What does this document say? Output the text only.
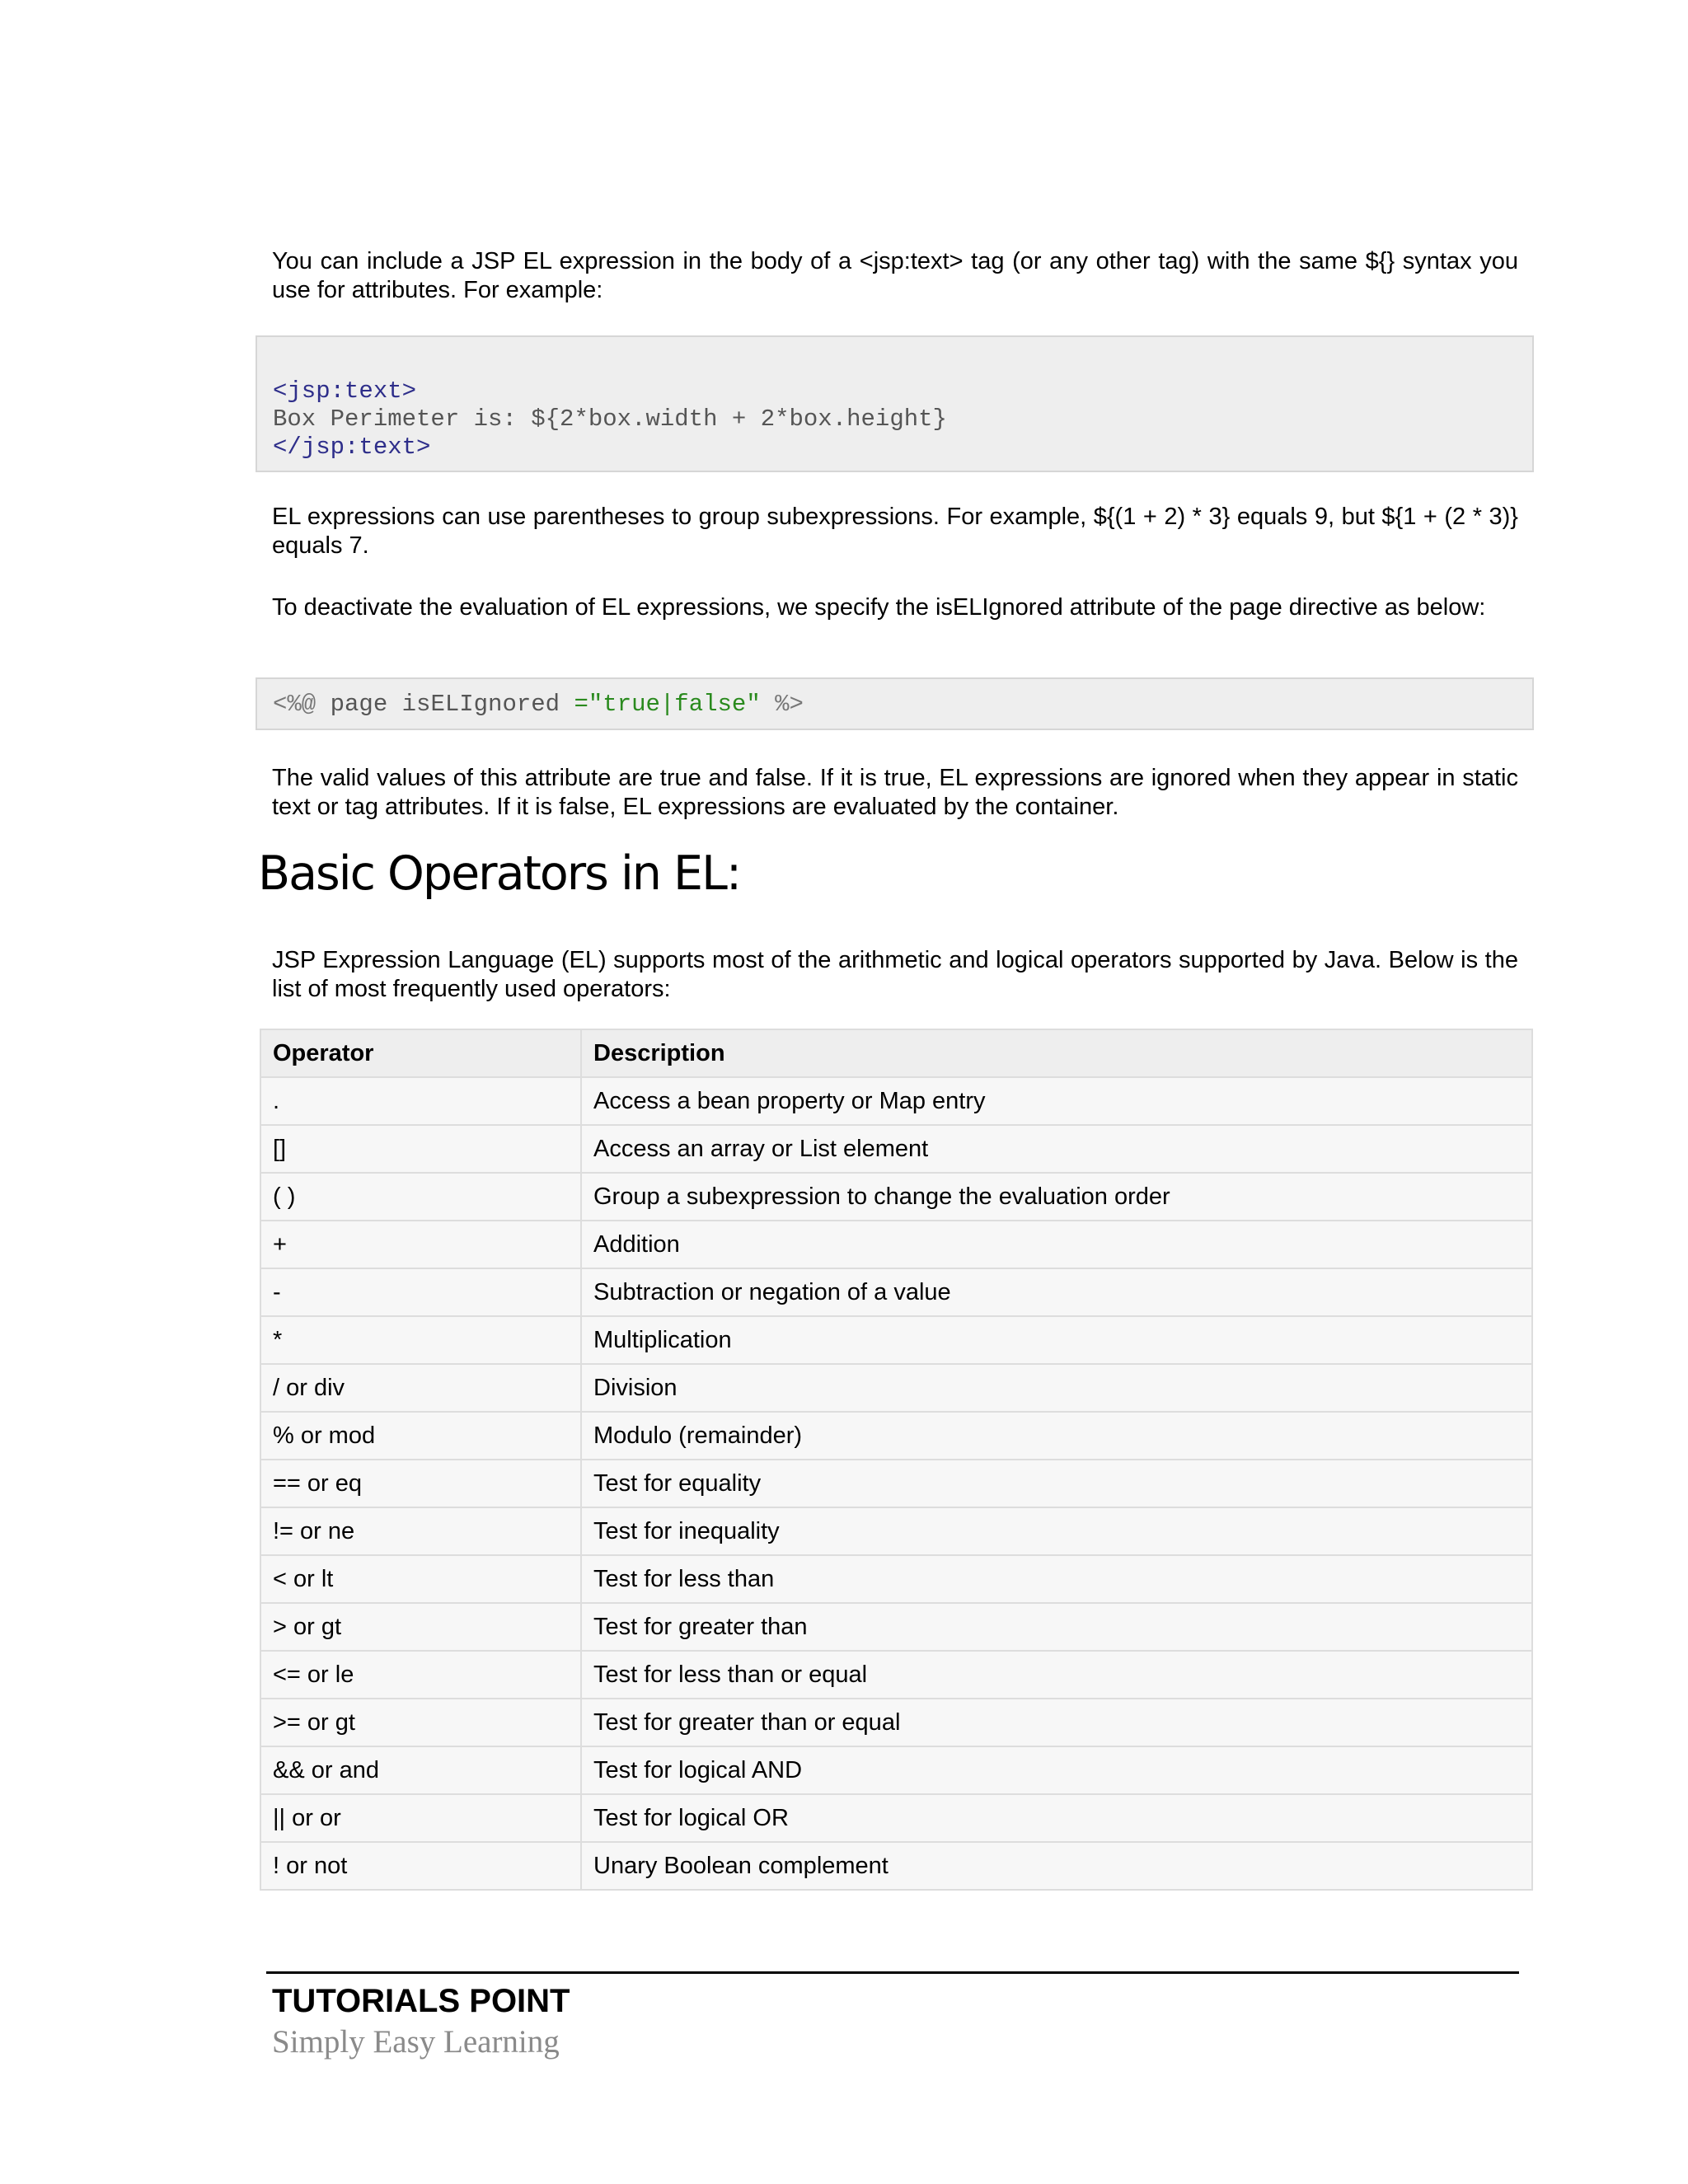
You can include a JSP EL expression in the body of a <jsp:text> tag (or any other tag) with the same ${} syntax you use for attributes. For example:

<jsp:text>
Box Perimeter is: ${2*box.width + 2*box.height}
</jsp:text>

EL expressions can use parentheses to group subexpressions. For example, ${(1 + 2) * 3} equals 9, but ${1 + (2 * 3)} equals 7.

To deactivate the evaluation of EL expressions, we specify the isELIgnored attribute of the page directive as below:

<%@ page isELIgnored ="true|false" %>

The valid values of this attribute are true and false. If it is true, EL expressions are ignored when they appear in static text or tag attributes. If it is false, EL expressions are evaluated by the container.

Basic Operators in EL:

JSP Expression Language (EL) supports most of the arithmetic and logical operators supported by Java. Below is the list of most frequently used operators:

Operator	Description
.	Access a bean property or Map entry
[]	Access an array or List element
( )	Group a subexpression to change the evaluation order
+	Addition
-	Subtraction or negation of a value
*	Multiplication
/ or div	Division
% or mod	Modulo (remainder)
== or eq	Test for equality
!= or ne	Test for inequality
< or lt	Test for less than
> or gt	Test for greater than
<= or le	Test for less than or equal
>= or gt	Test for greater than or equal
&& or and	Test for logical AND
|| or or	Test for logical OR
! or not	Unary Boolean complement
TUTORIALS POINT
Simply Easy Learning
